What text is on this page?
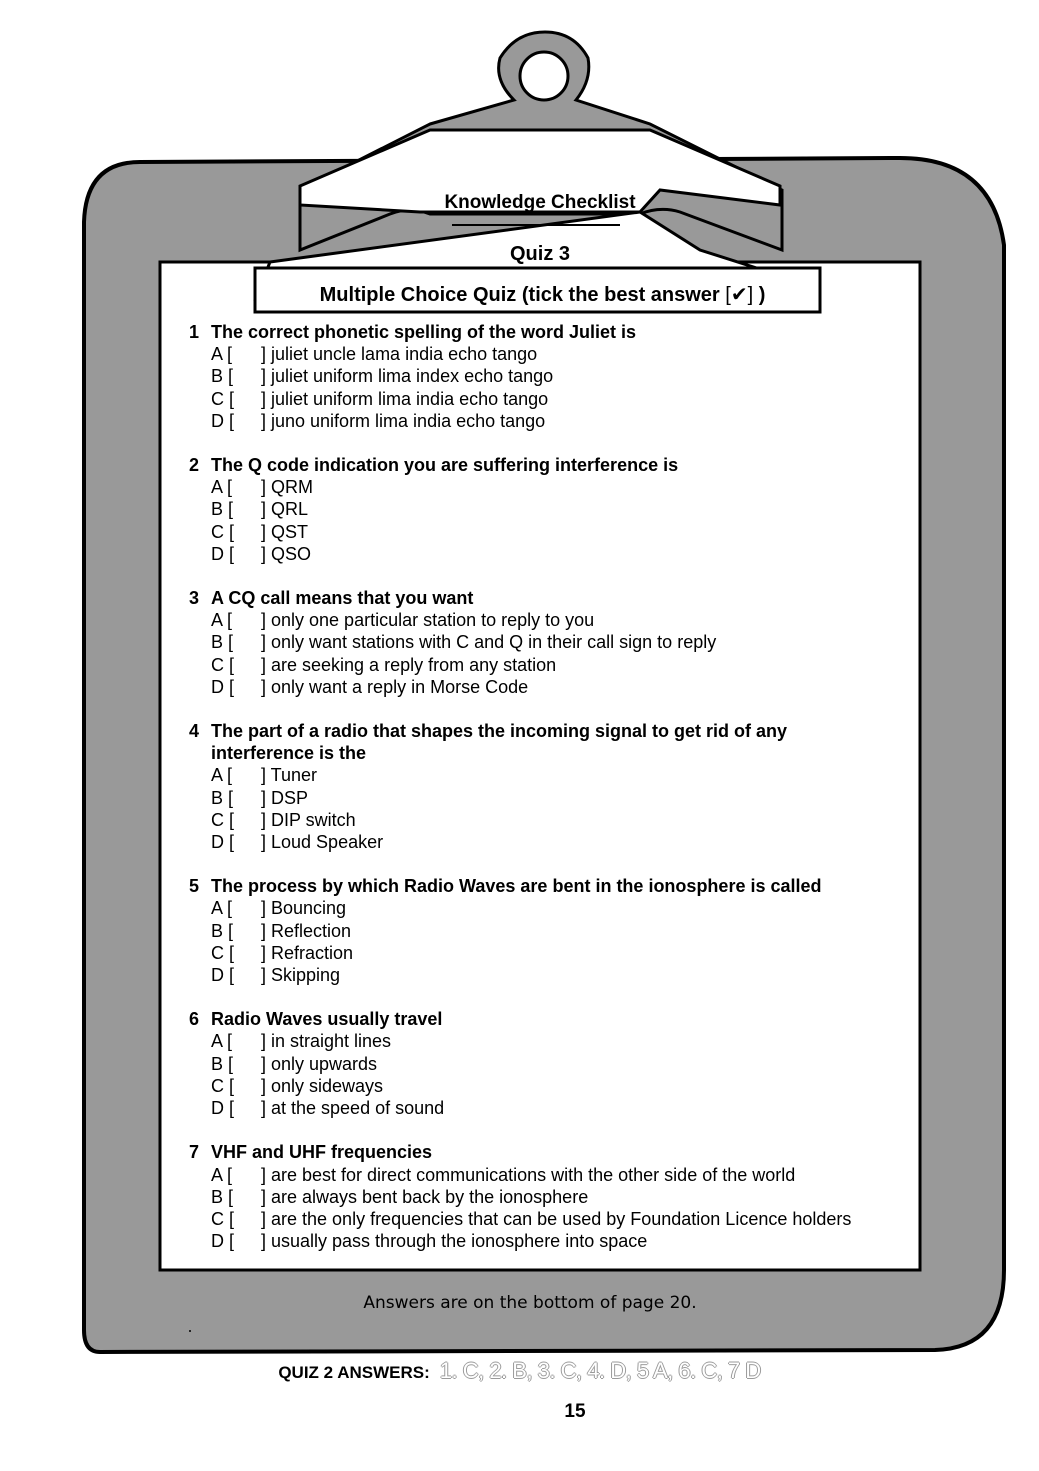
Knowledge Checklist
Quiz 3
Multiple Choice Quiz (tick the best answer [✔] )
1 The correct phonetic spelling of the word Juliet is
A [ ] juliet uncle lama india echo tango
B [ ] juliet uniform lima index echo tango
C [ ] juliet uniform lima india echo tango
D [ ] juno uniform lima india echo tango
2 The Q code indication you are suffering interference is
A [ ] QRM
B [ ] QRL
C [ ] QST
D [ ] QSO
3 A CQ call means that you want
A [ ] only one particular station to reply to you
B [ ] only want stations with C and Q in their call sign to reply
C [ ] are seeking a reply from any station
D [ ] only want a reply in Morse Code
4 The part of a radio that shapes the incoming signal to get rid of any interference is the
A [ ] Tuner
B [ ] DSP
C [ ] DIP switch
D [ ] Loud Speaker
5 The process by which Radio Waves are bent in the ionosphere is called
A [ ] Bouncing
B [ ] Reflection
C [ ] Refraction
D [ ] Skipping
6 Radio Waves usually travel
A [ ] in straight lines
B [ ] only upwards
C [ ] only sideways
D [ ] at the speed of sound
7 VHF and UHF frequencies
A [ ] are best for direct communications with the other side of the world
B [ ] are always bent back by the ionosphere
C [ ] are the only frequencies that can be used by Foundation Licence holders
D [ ] usually pass through the ionosphere into space
Answers are on the bottom of page 20.
QUIZ 2 ANSWERS: 1. C, 2. B, 3. C, 4. D, 5 A, 6. C, 7 D
15
